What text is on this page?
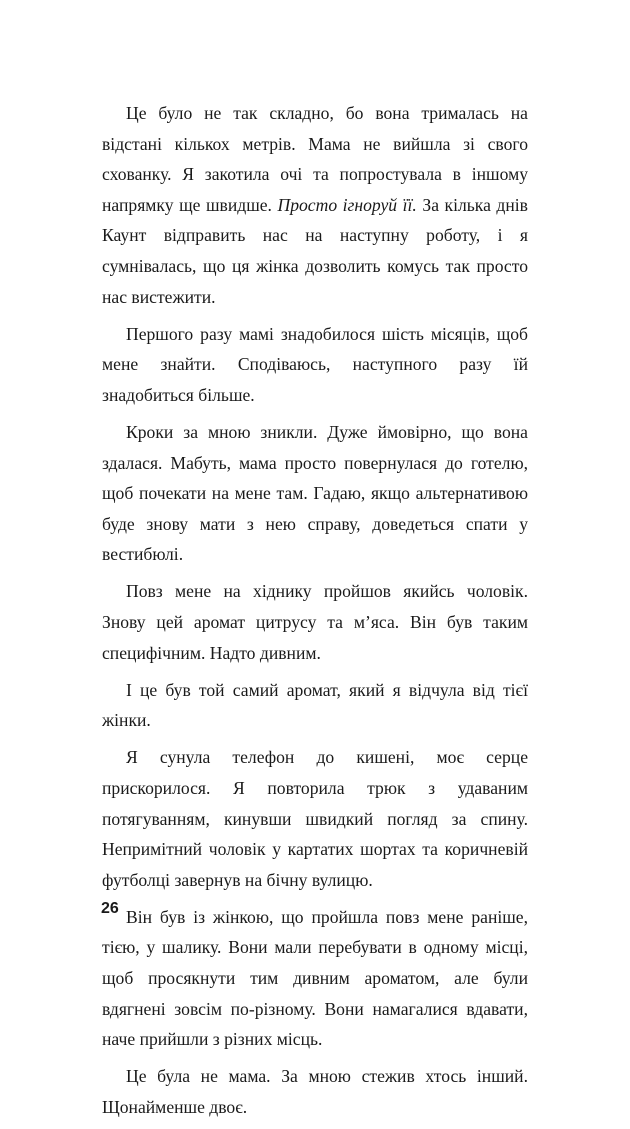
Це було не так складно, бо вона трималась на відстані кількох метрів. Мама не вийшла зі свого схованку. Я закотила очі та попростувала в іншому напрямку ще швидше. Просто ігноруй її. За кілька днів Каунт відправить нас на наступну роботу, і я сумнівалась, що ця жінка дозволить комусь так просто нас вистежити.

Першого разу мамі знадобилося шість місяців, щоб мене знайти. Сподіваюсь, наступного разу їй знадобиться більше.

Кроки за мною зникли. Дуже ймовірно, що вона здалася. Мабуть, мама просто повернулася до готелю, щоб почекати на мене там. Гадаю, якщо альтернативою буде знову мати з нею справу, доведеться спати у вестибюлі.

Повз мене на хіднику пройшов якийсь чоловік. Знову цей аромат цитрусу та м’яса. Він був таким специфічним. Надто дивним.

І це був той самий аромат, який я відчула від тієї жінки.

Я сунула телефон до кишені, моє серце прискорилося. Я повторила трюк з удаваним потягуванням, кинувши швидкий погляд за спину. Непримітний чоловік у картатих шортах та коричневій футболці завернув на бічну вулицю.

Він був із жінкою, що пройшла повз мене раніше, тією, у шалику. Вони мали перебувати в одному місці, щоб просякнути тим дивним ароматом, але були вдягнені зовсім по-різному. Вони намагалися вдавати, наче прийшли з різних місць.

Це була не мама. За мною стежив хтось інший. Щонайменше двоє.

26
